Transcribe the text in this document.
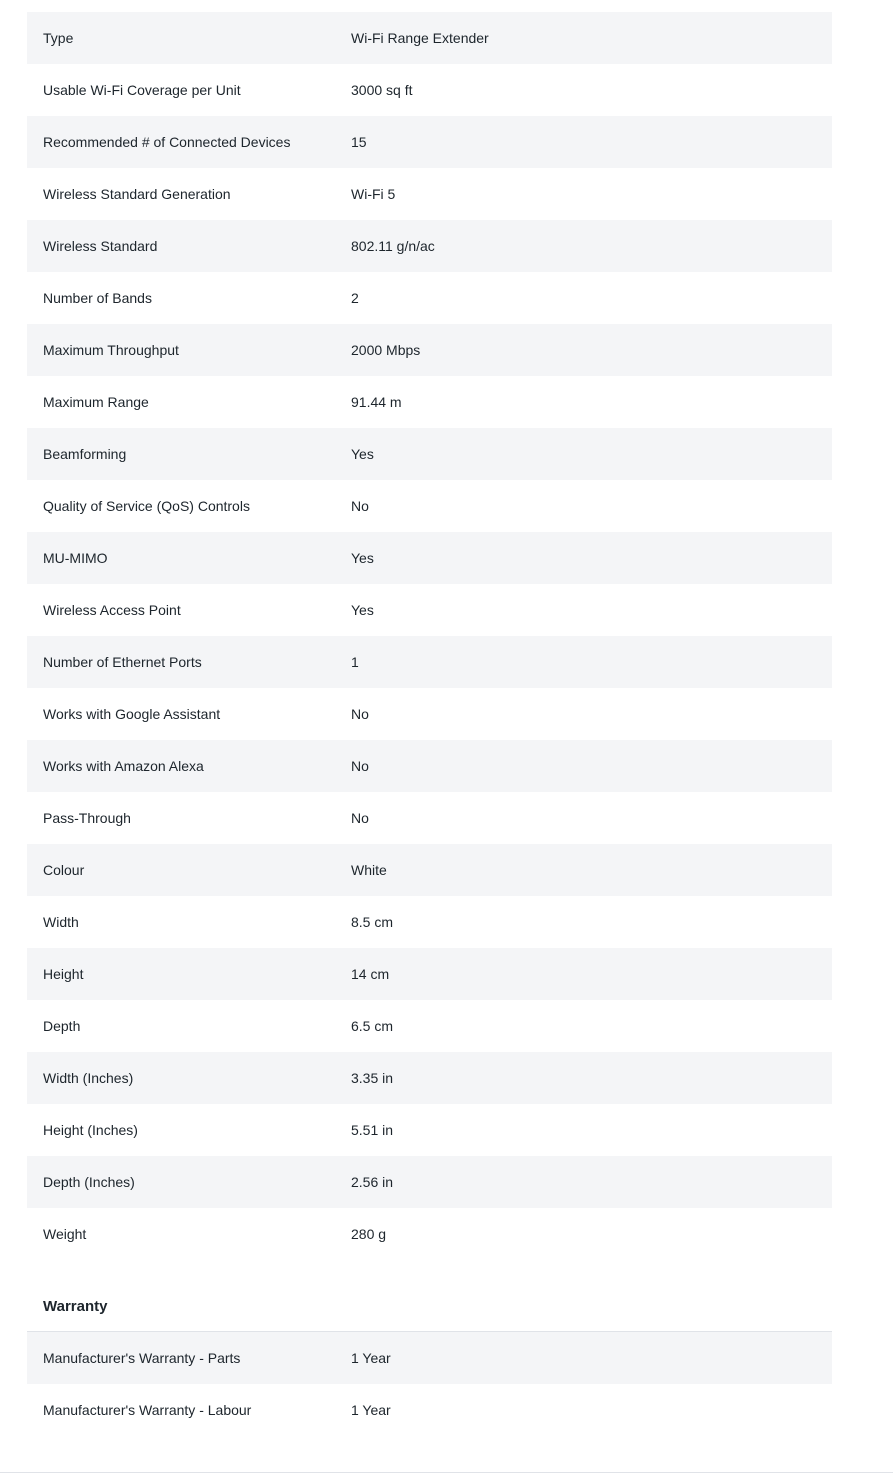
Type	Wi-Fi Range Extender
Usable Wi-Fi Coverage per Unit	3000 sq ft
Recommended # of Connected Devices	15
Wireless Standard Generation	Wi-Fi 5
Wireless Standard	802.11 g/n/ac
Number of Bands	2
Maximum Throughput	2000 Mbps
Maximum Range	91.44 m
Beamforming	Yes
Quality of Service (QoS) Controls	No
MU-MIMO	Yes
Wireless Access Point	Yes
Number of Ethernet Ports	1
Works with Google Assistant	No
Works with Amazon Alexa	No
Pass-Through	No
Colour	White
Width	8.5 cm
Height	14 cm
Depth	6.5 cm
Width (Inches)	3.35 in
Height (Inches)	5.51 in
Depth (Inches)	2.56 in
Weight	280 g
Warranty
Manufacturer's Warranty - Parts	1 Year
Manufacturer's Warranty - Labour	1 Year
